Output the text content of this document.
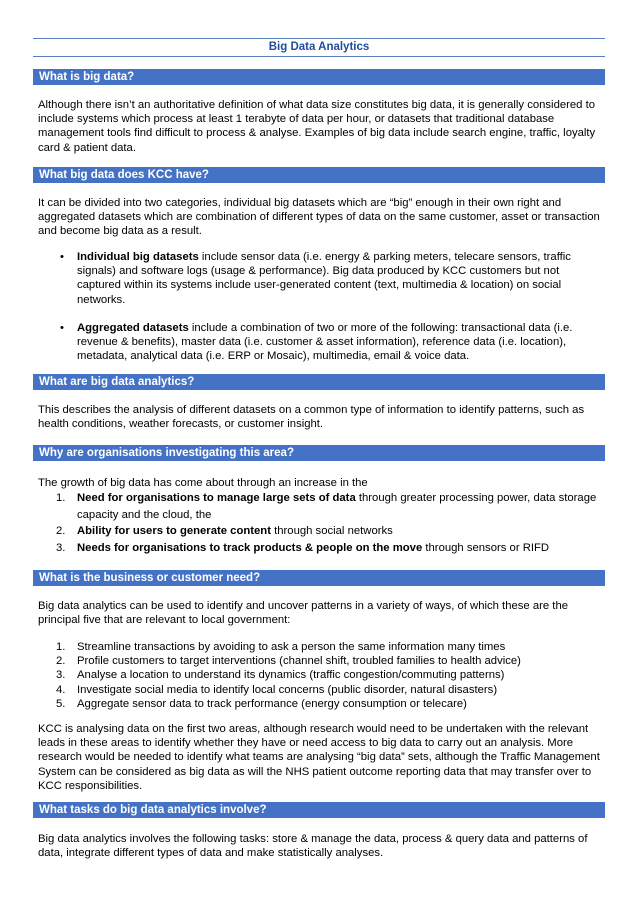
Big Data Analytics
What is big data?

Although there isn’t an authoritative definition of what data size constitutes big data, it is generally considered to include systems which process at least 1 terabyte of data per hour, or datasets that traditional database management tools find difficult to process & analyse. Examples of big data include search engine, traffic, loyalty card & patient data.

What big data does KCC have?

It can be divided into two categories, individual big datasets which are “big” enough in their own right and aggregated datasets which are combination of different types of data on the same customer, asset or transaction and become big data as a result.

• Individual big datasets include sensor data (i.e. energy & parking meters, telecare sensors, traffic signals) and software logs (usage & performance). Big data produced by KCC customers but not captured within its systems include user-generated content (text, multimedia & location) on social networks.
• Aggregated datasets include a combination of two or more of the following: transactional data (i.e. revenue & benefits), master data (i.e. customer & asset information), reference data (i.e. location), metadata, analytical data (i.e. ERP or Mosaic), multimedia, email & voice data.
What are big data analytics?

This describes the analysis of different datasets on a common type of information to identify patterns, such as health conditions, weather forecasts, or customer insight.

Why are organisations investigating this area?

The growth of big data has come about through an increase in the

1. Need for organisations to manage large sets of data through greater processing power, data storage capacity and the cloud, the
2. Ability for users to generate content through social networks
3. Needs for organisations to track products & people on the move through sensors or RIFD
What is the business or customer need?

Big data analytics can be used to identify and uncover patterns in a variety of ways, of which these are the principal five that are relevant to local government:

1. Streamline transactions by avoiding to ask a person the same information many times
2. Profile customers to target interventions (channel shift, troubled families to health advice)
3. Analyse a location to understand its dynamics (traffic congestion/commuting patterns)
4. Investigate social media to identify local concerns (public disorder, natural disasters)
5. Aggregate sensor data to track performance (energy consumption or telecare)

KCC is analysing data on the first two areas, although research would need to be undertaken with the relevant leads in these areas to identify whether they have or need access to big data to carry out an analysis. More research would be needed to identify what teams are analysing “big data” sets, although the Traffic Management System can be considered as big data as will the NHS patient outcome reporting data that may transfer over to KCC responsibilities.

What tasks do big data analytics involve?

Big data analytics involves the following tasks: store & manage the data, process & query data and patterns of data, integrate different types of data and make statistically analyses.
